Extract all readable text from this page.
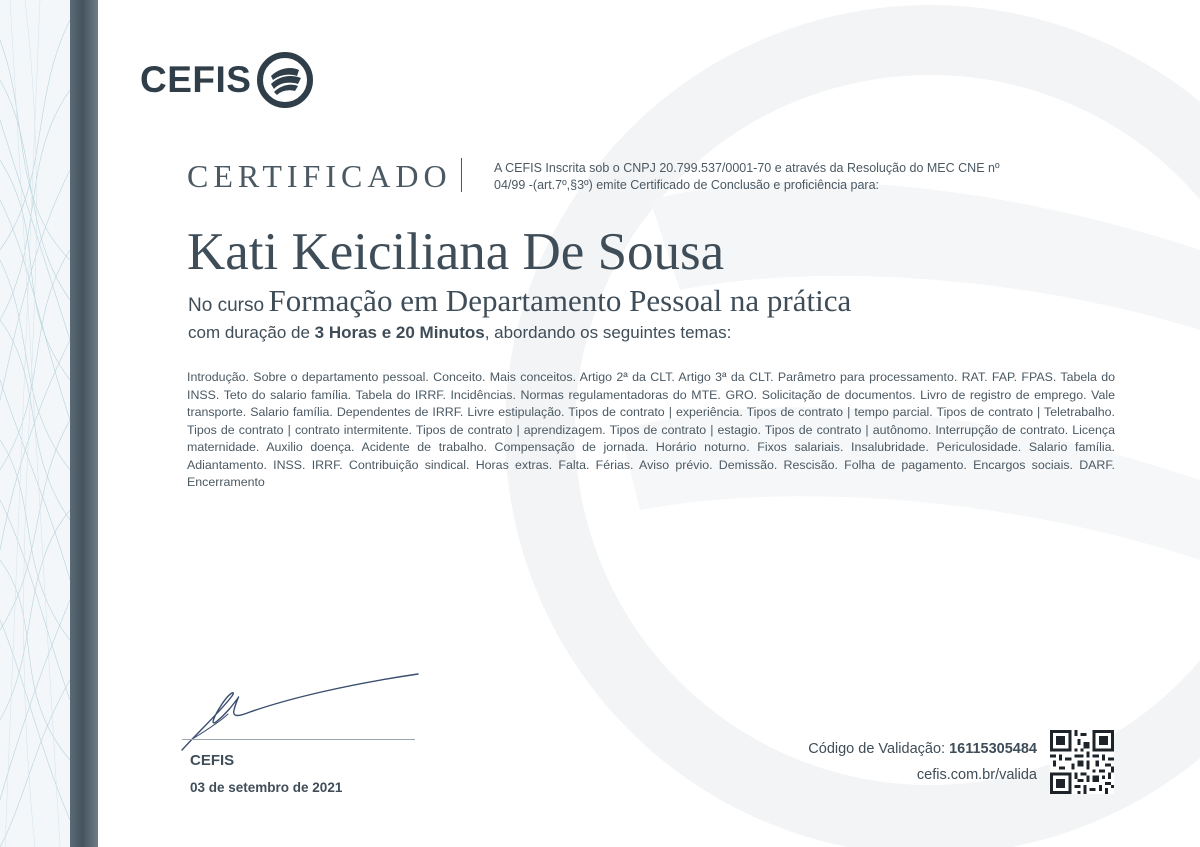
CEFIS
CERTIFICADO	A CEFIS Inscrita sob o CNPJ 20.799.537/0001-70 e através da Resolução do MEC CNE nº 04/99 -(art.7º,§3º) emite Certificado de Conclusão e proficiência para:
Kati Keiciliana De Sousa
No curso Formação em Departamento Pessoal na prática
com duração de 3 Horas e 20 Minutos, abordando os seguintes temas:
Introdução. Sobre o departamento pessoal. Conceito. Mais conceitos. Artigo 2ª da CLT. Artigo 3ª da CLT. Parâmetro para processamento. RAT. FAP. FPAS. Tabela do INSS. Teto do salario família. Tabela do IRRF. Incidências. Normas regulamentadoras do MTE. GRO. Solicitação de documentos. Livro de registro de emprego. Vale transporte. Salario família. Dependentes de IRRF. Livre estipulação. Tipos de contrato | experiência. Tipos de contrato | tempo parcial. Tipos de contrato | Teletrabalho. Tipos de contrato | contrato intermitente. Tipos de contrato | aprendizagem. Tipos de contrato | estagio. Tipos de contrato | autônomo. Interrupção de contrato. Licença maternidade. Auxilio doença. Acidente de trabalho. Compensação de jornada. Horário noturno. Fixos salariais. Insalubridade. Periculosidade. Salario família. Adiantamento. INSS. IRRF. Contribuição sindical. Horas extras. Falta. Férias. Aviso prévio. Demissão. Rescisão. Folha de pagamento. Encargos sociais. DARF. Encerramento
CEFIS
03 de setembro de 2021
Código de Validação: 16115305484
cefis.com.br/valida
